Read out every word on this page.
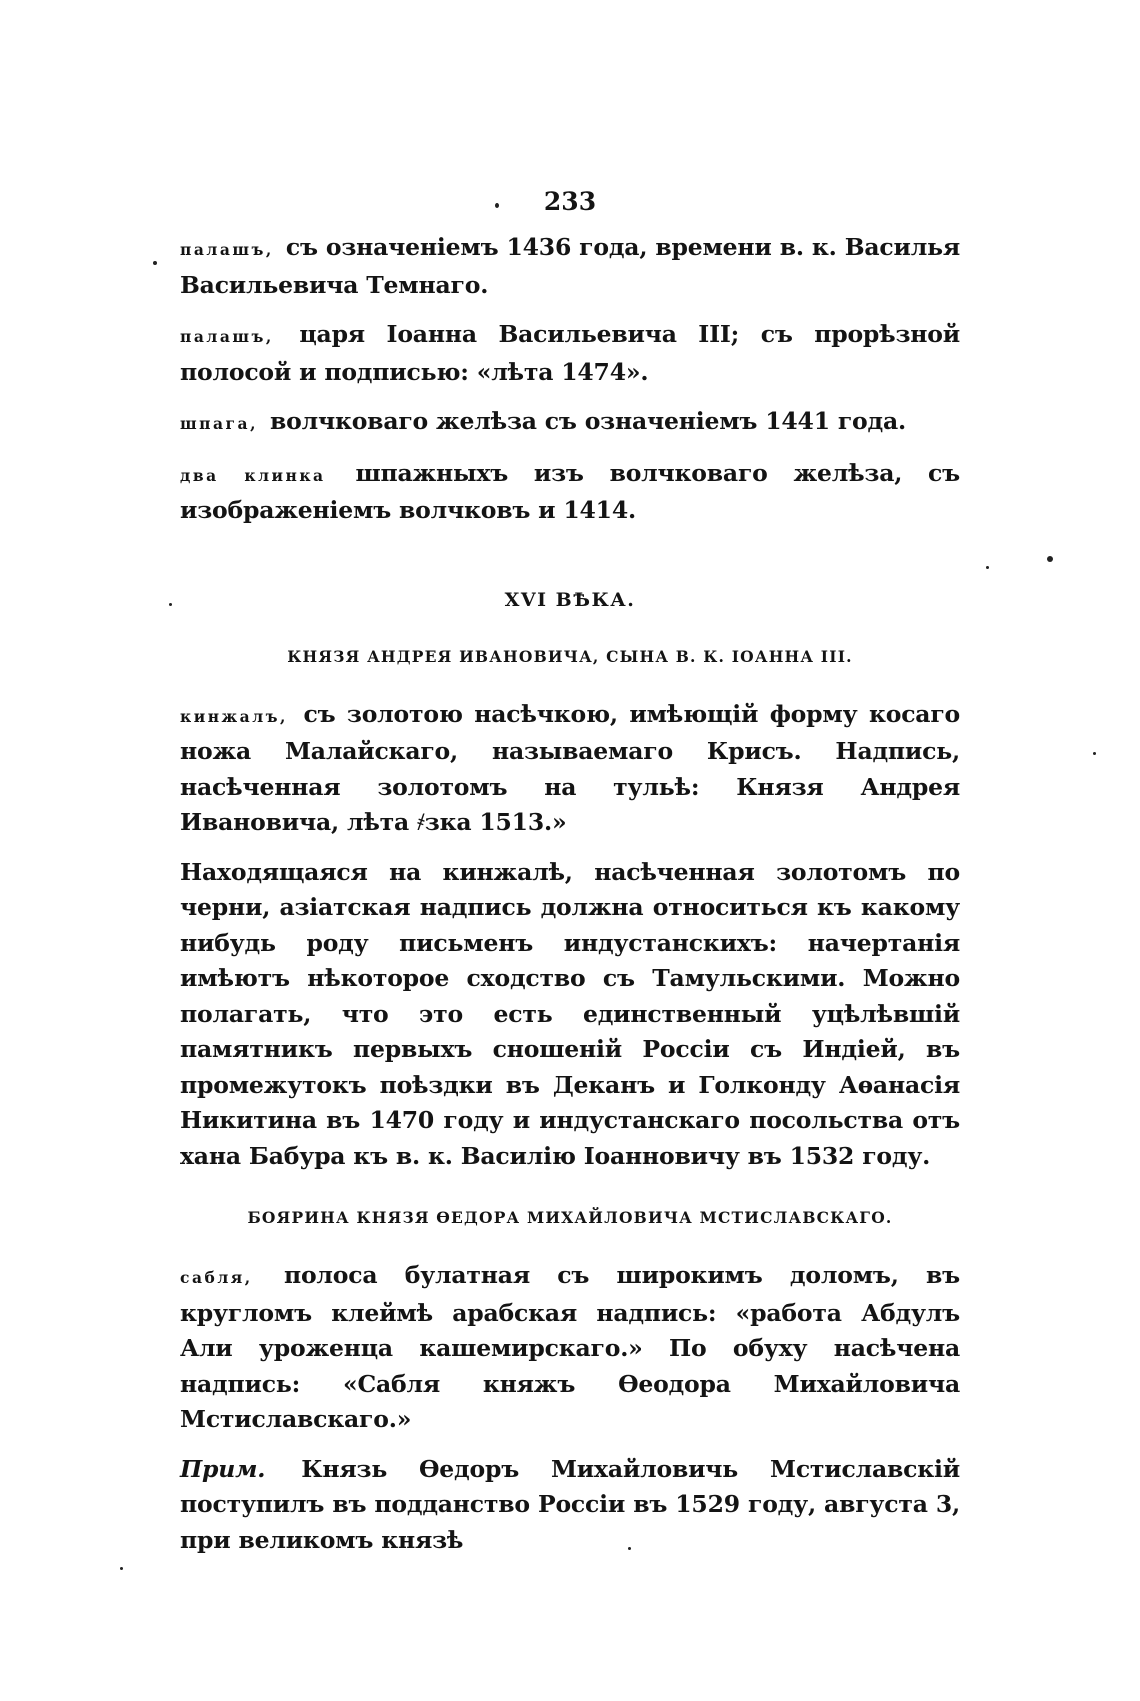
233

палашъ, съ означеніемъ 1436 года, времени в. к. Василья Васильевича Темнаго.

палашъ, царя Іоанна Васильевича III; съ прорѣзной полосой и подписью: «лѣта 1474».

шпага, волчковаго желѣза съ означеніемъ 1441 года.

два клинка шпажныхъ изъ волчковаго желѣза, съ изображеніемъ волчковъ и 1414.

XVI ВѢКА.
КНЯЗЯ АНДРЕЯ ИВАНОВИЧА, СЫНА В. К. ІОАННА III.

кинжалъ, съ золотою насѣчкою, имѣющій форму косаго ножа Малайскаго, называемаго Крисъ. Надпись, насѣченная золотомъ на тульѣ: Князя Андрея Ивановича, лѣта ҂зка 1513.»

Находящаяся на кинжалѣ, насѣченная золотомъ по черни, азіатская надпись должна относиться къ какому нибудь роду письменъ индустанскихъ: начертанія имѣютъ нѣкоторое сходство съ Тамульскими. Можно полагать, что это есть единственный уцѣлѣвшій памятникъ первыхъ сношеній Россіи съ Индіей, въ промежутокъ поѣздки въ Деканъ и Голконду Аѳанасія Никитина въ 1470 году и индустанскаго посольства отъ хана Бабура къ в. к. Василію Іоанновичу въ 1532 году.

БОЯРИНА КНЯЗЯ ѲЕДОРА МИХАЙЛОВИЧА МСТИСЛАВСКАГО.

сабля, полоса булатная съ широкимъ доломъ, въ кругломъ клеймѣ арабская надпись: «работа Абдулъ Али уроженца кашемирскаго.» По обуху насѣчена надпись: «Сабля княжъ Ѳеодора Михайловича Мстиславскаго.»

Прим. Князь Ѳедоръ Михайловичь Мстиславскій поступилъ въ подданство Россіи въ 1529 году, августа 3, при великомъ князѣ
